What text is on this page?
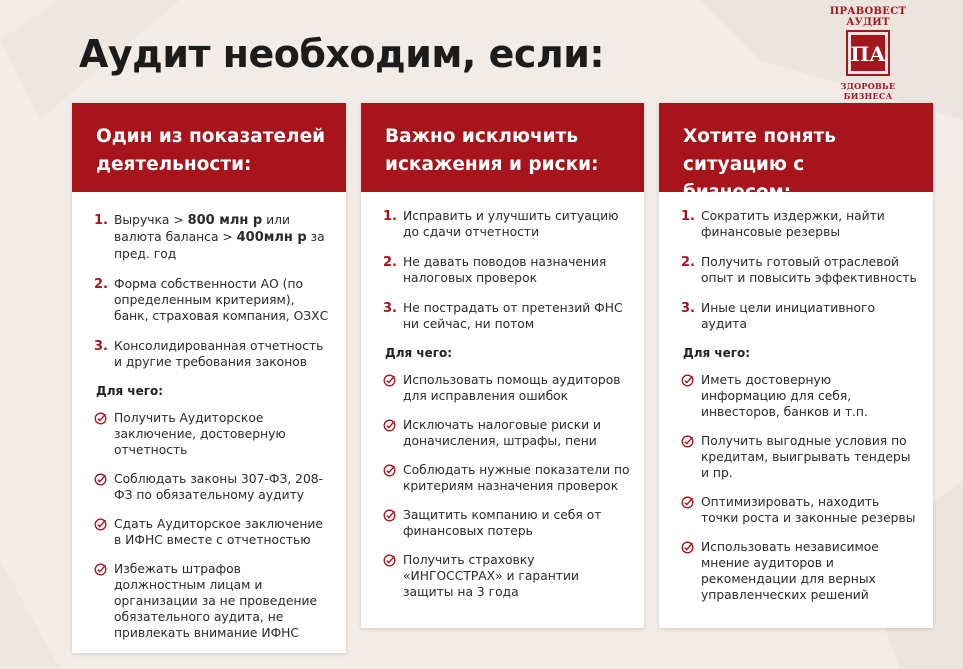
Аудит необходим, если:
ПРАВОВЕСТ
АУДИТ
ПА
ЗДОРОВЬЕ БИЗНЕСА
Один из показателей
деятельности:
1. Выручка > 800 млн р или валюта баланса > 400млн р за пред. год
2. Форма собственности АО (по определенным критериям), банк, страховая компания, ОЗХС
3. Консолидированная отчетность и другие требования законов
Для чего:
Получить Аудиторское заключение, достоверную отчетность
Соблюдать законы 307-ФЗ, 208-ФЗ по обязательному аудиту
Сдать Аудиторское заключение в ИФНС вместе с отчетностью
Избежать штрафов должностным лицам и организации за не проведение обязательного аудита, не привлекать внимание ИФНС
Важно исключить
искажения и риски:
1. Исправить и улучшить ситуацию до сдачи отчетности
2. Не давать поводов назначения налоговых проверок
3. Не пострадать от претензий ФНС ни сейчас, ни потом
Для чего:
Использовать помощь аудиторов для исправления ошибок
Исключать налоговые риски и доначисления, штрафы, пени
Соблюдать нужные показатели по критериям назначения проверок
Защитить компанию и себя от финансовых потерь
Получить страховку «ИНГОССТРАХ» и гарантии защиты на 3 года
Хотите понять
ситуацию с бизнесом:
1. Сократить издержки, найти финансовые резервы
2. Получить готовый отраслевой опыт и повысить эффективность
3. Иные цели инициативного аудита
Для чего:
Иметь достоверную информацию для себя, инвесторов, банков и т.п.
Получить выгодные условия по кредитам, выигрывать тендеры и пр.
Оптимизировать, находить точки роста и законные резервы
Использовать независимое мнение аудиторов и рекомендации для верных управленческих решений
